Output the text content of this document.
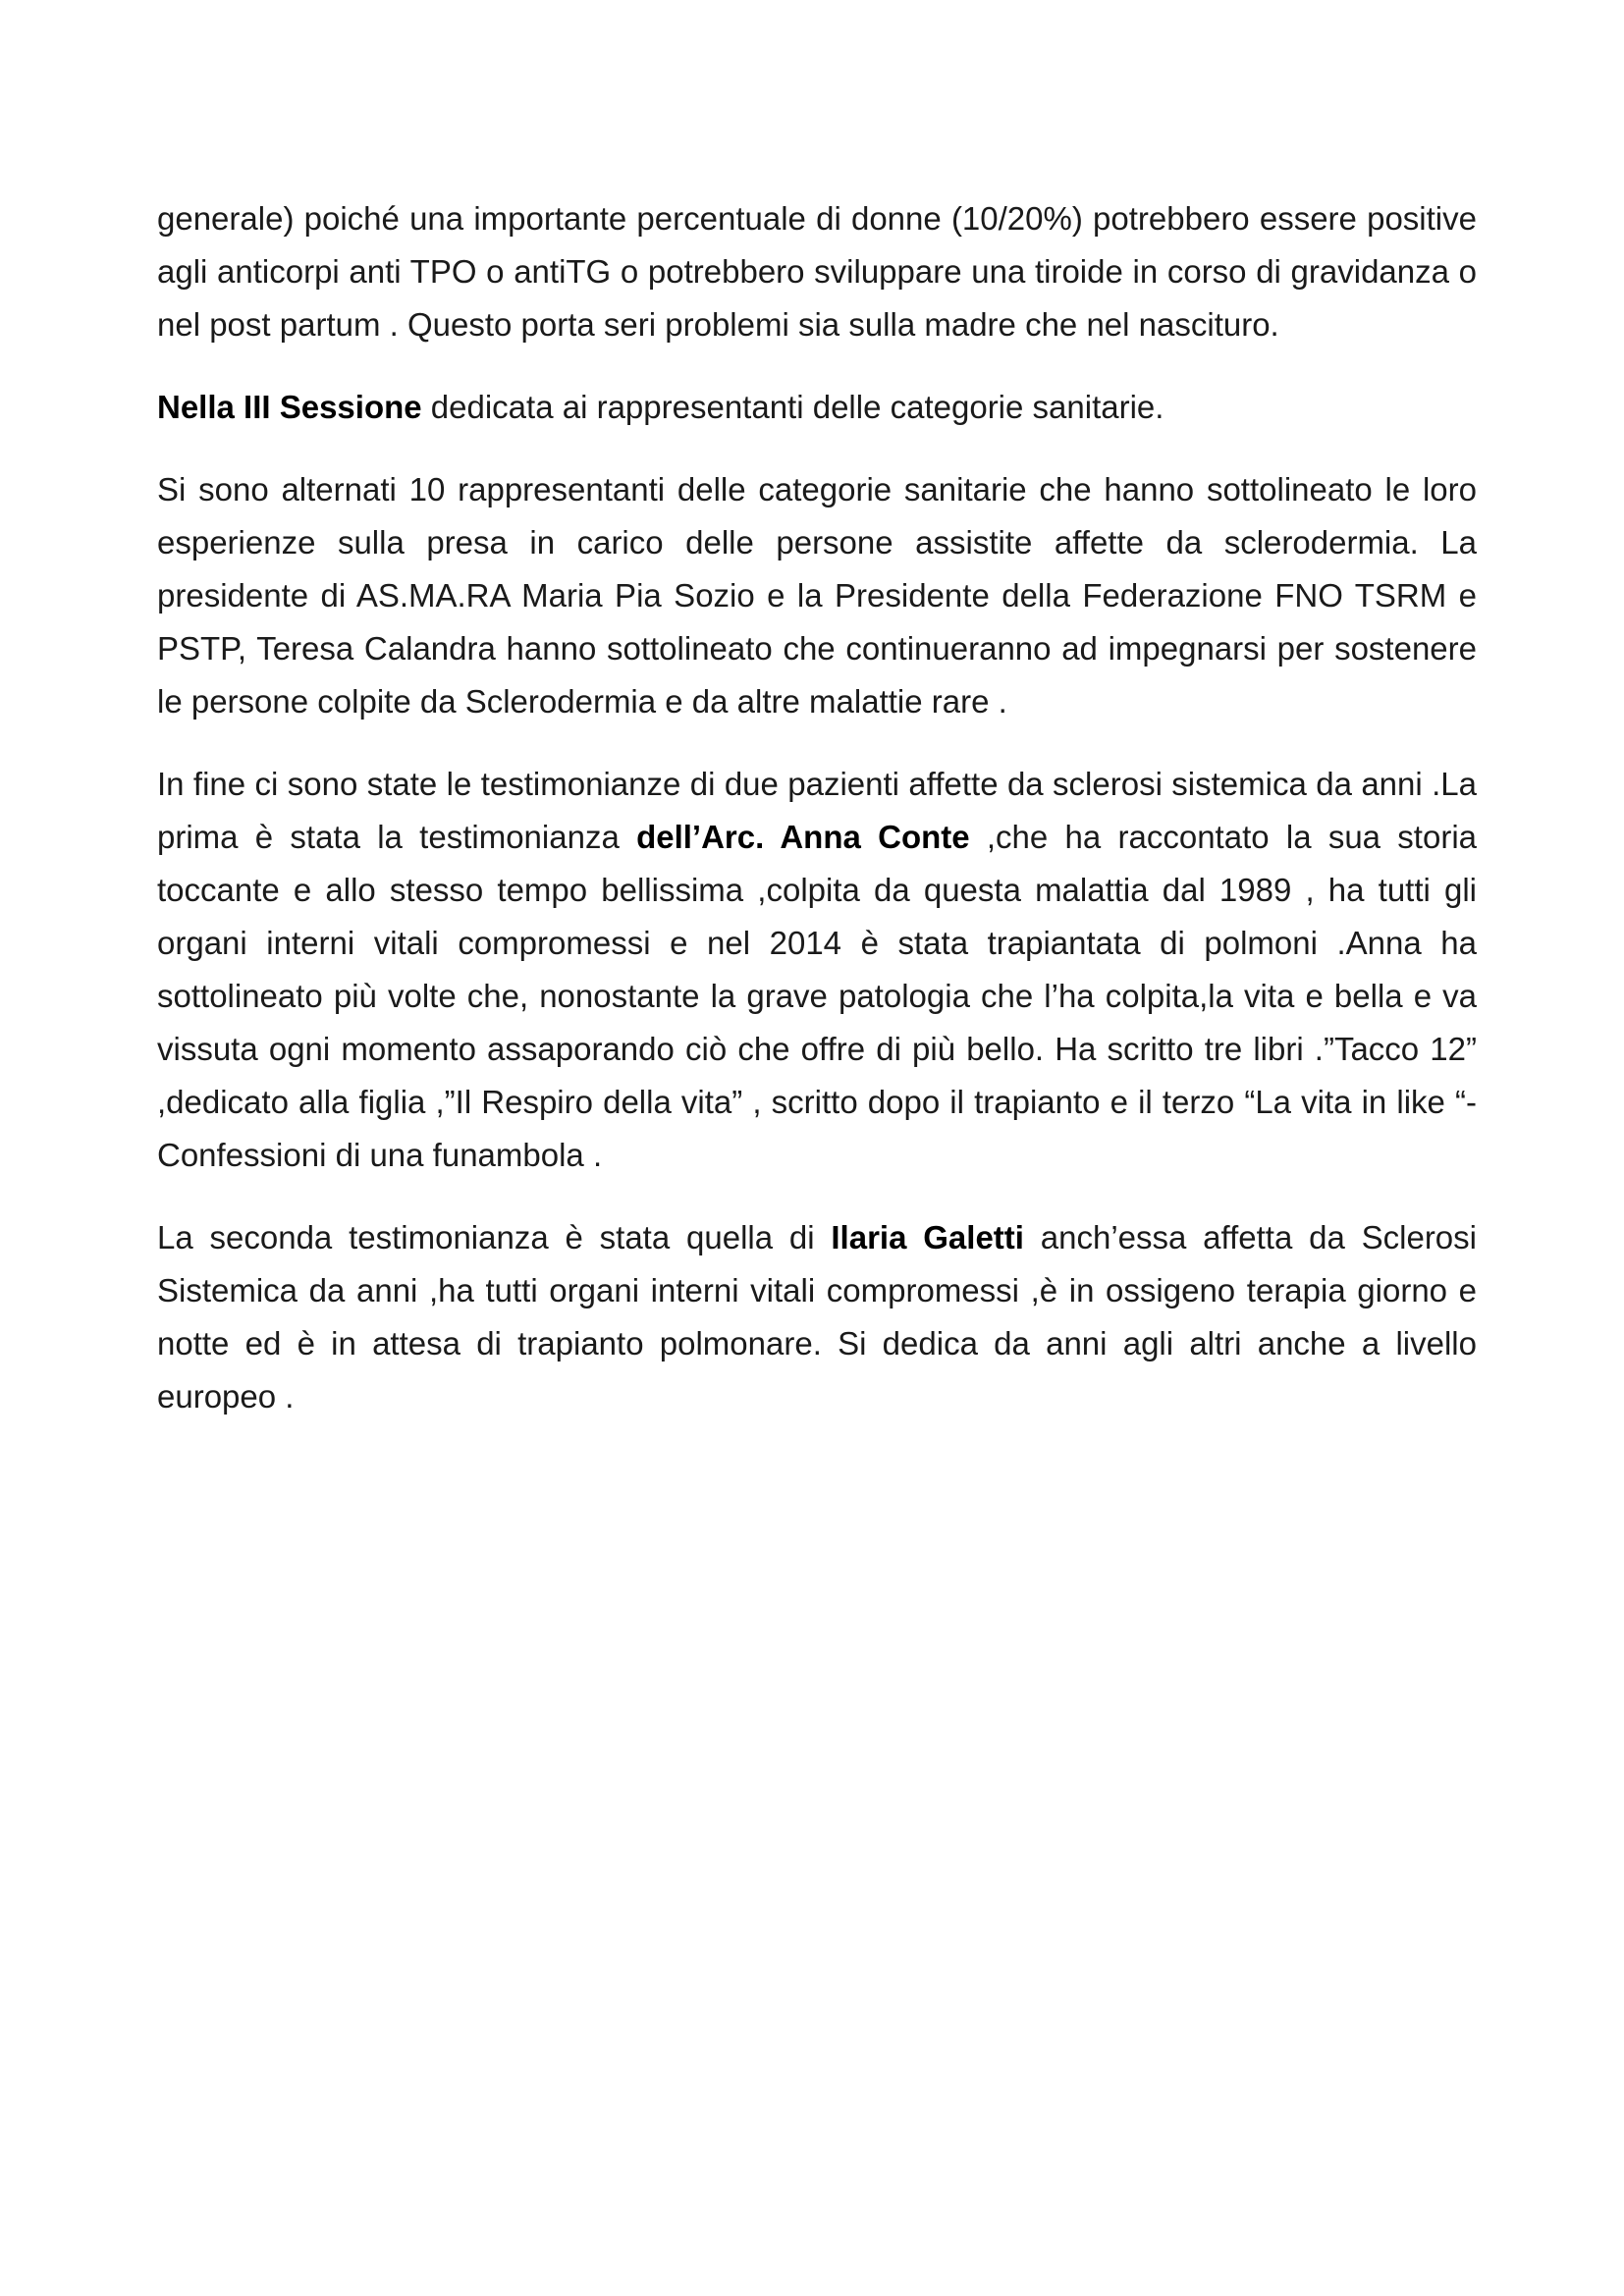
generale) poiché una importante percentuale di donne (10/20%) potrebbero essere positive agli anticorpi anti TPO o antiTG o potrebbero sviluppare una tiroide in corso di gravidanza o nel post partum . Questo porta seri problemi sia sulla madre che nel nascituro.

Nella III Sessione dedicata ai rappresentanti delle categorie sanitarie.

Si sono alternati 10 rappresentanti delle categorie sanitarie che hanno sottolineato le loro esperienze sulla presa in carico delle persone assistite affette da sclerodermia. La presidente di AS.MA.RA Maria Pia Sozio e la Presidente della Federazione FNO TSRM e PSTP, Teresa Calandra hanno sottolineato che continueranno ad impegnarsi per sostenere le persone colpite da Sclerodermia e da altre malattie rare .

In fine ci sono state le testimonianze di due pazienti affette da sclerosi sistemica da anni .La prima è stata la testimonianza dell’Arc. Anna Conte ,che ha raccontato la sua storia toccante e allo stesso tempo bellissima ,colpita da questa malattia dal 1989 , ha tutti gli organi interni vitali compromessi e nel 2014 è stata trapiantata di polmoni .Anna ha sottolineato più volte che, nonostante la grave patologia che l’ha colpita,la vita e bella e va vissuta ogni momento assaporando ciò che offre di più bello. Ha scritto tre libri .”Tacco 12” ,dedicato alla figlia ,”Il Respiro della vita” , scritto dopo il trapianto e il terzo “La vita in like “-Confessioni di una funambola .

La seconda testimonianza è stata quella di Ilaria Galetti anch’essa affetta da Sclerosi Sistemica da anni ,ha tutti organi interni vitali compromessi ,è in ossigeno terapia giorno e notte ed è in attesa di trapianto polmonare. Si dedica da anni agli altri anche a livello europeo .
